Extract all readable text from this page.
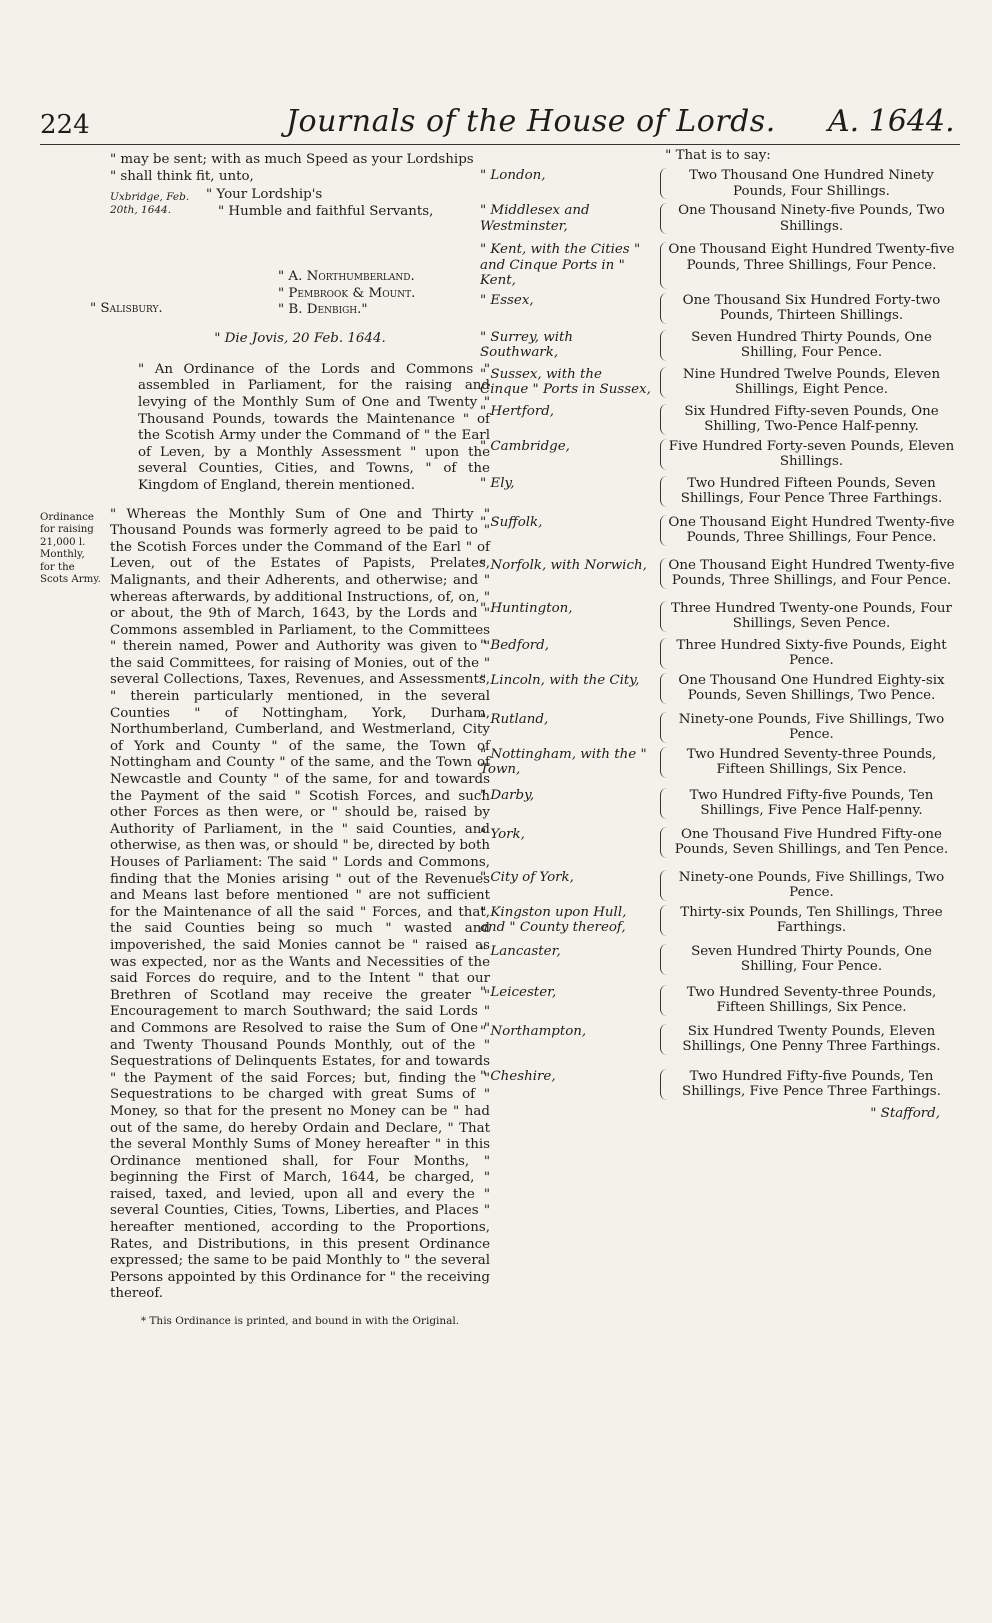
224	Journals of the House of Lords. A. 1644.
Ordinance for raising 21,000 l. Monthly, for the Scots Army.

" may be sent; with as much Speed as your Lordships

" shall think fit, unto,

Uxbridge, Feb. 20th, 1644.
" Your Lordship's
" Humble and faithful Servants,
" A. Northumberland.
" Pembrook & Mount.
" B. Denbigh."
" Salisbury.

" Die Jovis, 20 Feb. 1644.

" An Ordinance of the Lords and Commons " assembled in Parliament, for the raising and levying of the Monthly Sum of One and Twenty " Thousand Pounds, towards the Maintenance " of the Scotish Army under the Command of " the Earl of Leven, by a Monthly Assessment " upon the several Counties, Cities, and Towns, " of the Kingdom of England, therein mentioned.

" Whereas the Monthly Sum of One and Thirty " Thousand Pounds was formerly agreed to be paid to " the Scotish Forces under the Command of the Earl " of Leven, out of the Estates of Papists, Prelates, Malignants, and their Adherents, and otherwise; and " whereas afterwards, by additional Instructions, of, on, " or about, the 9th of March, 1643, by the Lords and " Commons assembled in Parliament, to the Committees " therein named, Power and Authority was given to " the said Committees, for raising of Monies, out of the " several Collections, Taxes, Revenues, and Assessments, " therein particularly mentioned, in the several Counties " of Nottingham, York, Durham, Northumberland, Cumberland, and Westmerland, City of York and County " of the same, the Town of Nottingham and County " of the same, and the Town of Newcastle and County " of the same, for and towards the Payment of the said " Scotish Forces, and such other Forces as then were, or " should be, raised by Authority of Parliament, in the " said Counties, and otherwise, as then was, or should " be, directed by both Houses of Parliament: The said " Lords and Commons, finding that the Monies arising " out of the Revenues and Means last before mentioned " are not sufficient for the Maintenance of all the said " Forces, and that, the said Counties being so much " wasted and impoverished, the said Monies cannot be " raised as was expected, nor as the Wants and Necessities of the said Forces do require, and to the Intent " that our Brethren of Scotland may receive the greater " Encouragement to march Southward; the said Lords " and Commons are Resolved to raise the Sum of One " and Twenty Thousand Pounds Monthly, out of the " Sequestrations of Delinquents Estates, for and towards " the Payment of the said Forces; but, finding the " Sequestrations to be charged with great Sums of " Money, so that for the present no Money can be " had out of the same, do hereby Ordain and Declare, " That the several Monthly Sums of Money hereafter " in this Ordinance mentioned shall, for Four Months, " beginning the First of March, 1644, be charged, " raised, taxed, and levied, upon all and every the " several Counties, Cities, Towns, Liberties, and Places " hereafter mentioned, according to the Proportions, Rates, and Distributions, in this present Ordinance expressed; the same to be paid Monthly to " the several Persons appointed by this Ordinance for " the receiving thereof.

* This Ordinance is printed, and bound in with the Original.

" That is to say:
" London,	Two Thousand One Hundred Ninety Pounds, Four Shillings.
" Middlesex and Westminster,
One Thousand Ninety-five Pounds, Two Shillings.
" Kent, with the Cities " and Cinque Ports in " Kent,
One Thousand Eight Hundred Twenty-five Pounds, Three Shillings, Four Pence.
" Essex,	One Thousand Six Hundred Forty-two Pounds, Thirteen Shillings.
" Surrey, with Southwark,
Seven Hundred Thirty Pounds, One Shilling, Four Pence.
" Sussex, with the Cinque " Ports in Sussex,
Nine Hundred Twelve Pounds, Eleven Shillings, Eight Pence.
" Hertford,	Six Hundred Fifty-seven Pounds, One Shilling, Two-Pence Half-penny.
" Cambridge,	Five Hundred Forty-seven Pounds, Eleven Shillings.
" Ely,	Two Hundred Fifteen Pounds, Seven Shillings, Four Pence Three Farthings.
" Suffolk,	One Thousand Eight Hundred Twenty-five Pounds, Three Shillings, Four Pence.
" Norfolk, with Norwich,	One Thousand Eight Hundred Twenty-five Pounds, Three Shillings, and Four Pence.
" Huntington,	Three Hundred Twenty-one Pounds, Four Shillings, Seven Pence.
" Bedford,	Three Hundred Sixty-five Pounds, Eight Pence.
" Lincoln, with the City,	One Thousand One Hundred Eighty-six Pounds, Seven Shillings, Two Pence.
" Rutland,	Ninety-one Pounds, Five Shillings, Two Pence.
" Nottingham, with the " Town,
Two Hundred Seventy-three Pounds, Fifteen Shillings, Six Pence.
" Darby,	Two Hundred Fifty-five Pounds, Ten Shillings, Five Pence Half-penny.
" York,	One Thousand Five Hundred Fifty-one Pounds, Seven Shillings, and Ten Pence.
" City of York,	Ninety-one Pounds, Five Shillings, Two Pence.
" Kingston upon Hull, and " County thereof,
Thirty-six Pounds, Ten Shillings, Three Farthings.
" Lancaster,	Seven Hundred Thirty Pounds, One Shilling, Four Pence.
" Leicester,	Two Hundred Seventy-three Pounds, Fifteen Shillings, Six Pence.
" Northampton,	Six Hundred Twenty Pounds, Eleven Shillings, One Penny Three Farthings.
" Cheshire,	Two Hundred Fifty-five Pounds, Ten Shillings, Five Pence Three Farthings.
" Stafford,
